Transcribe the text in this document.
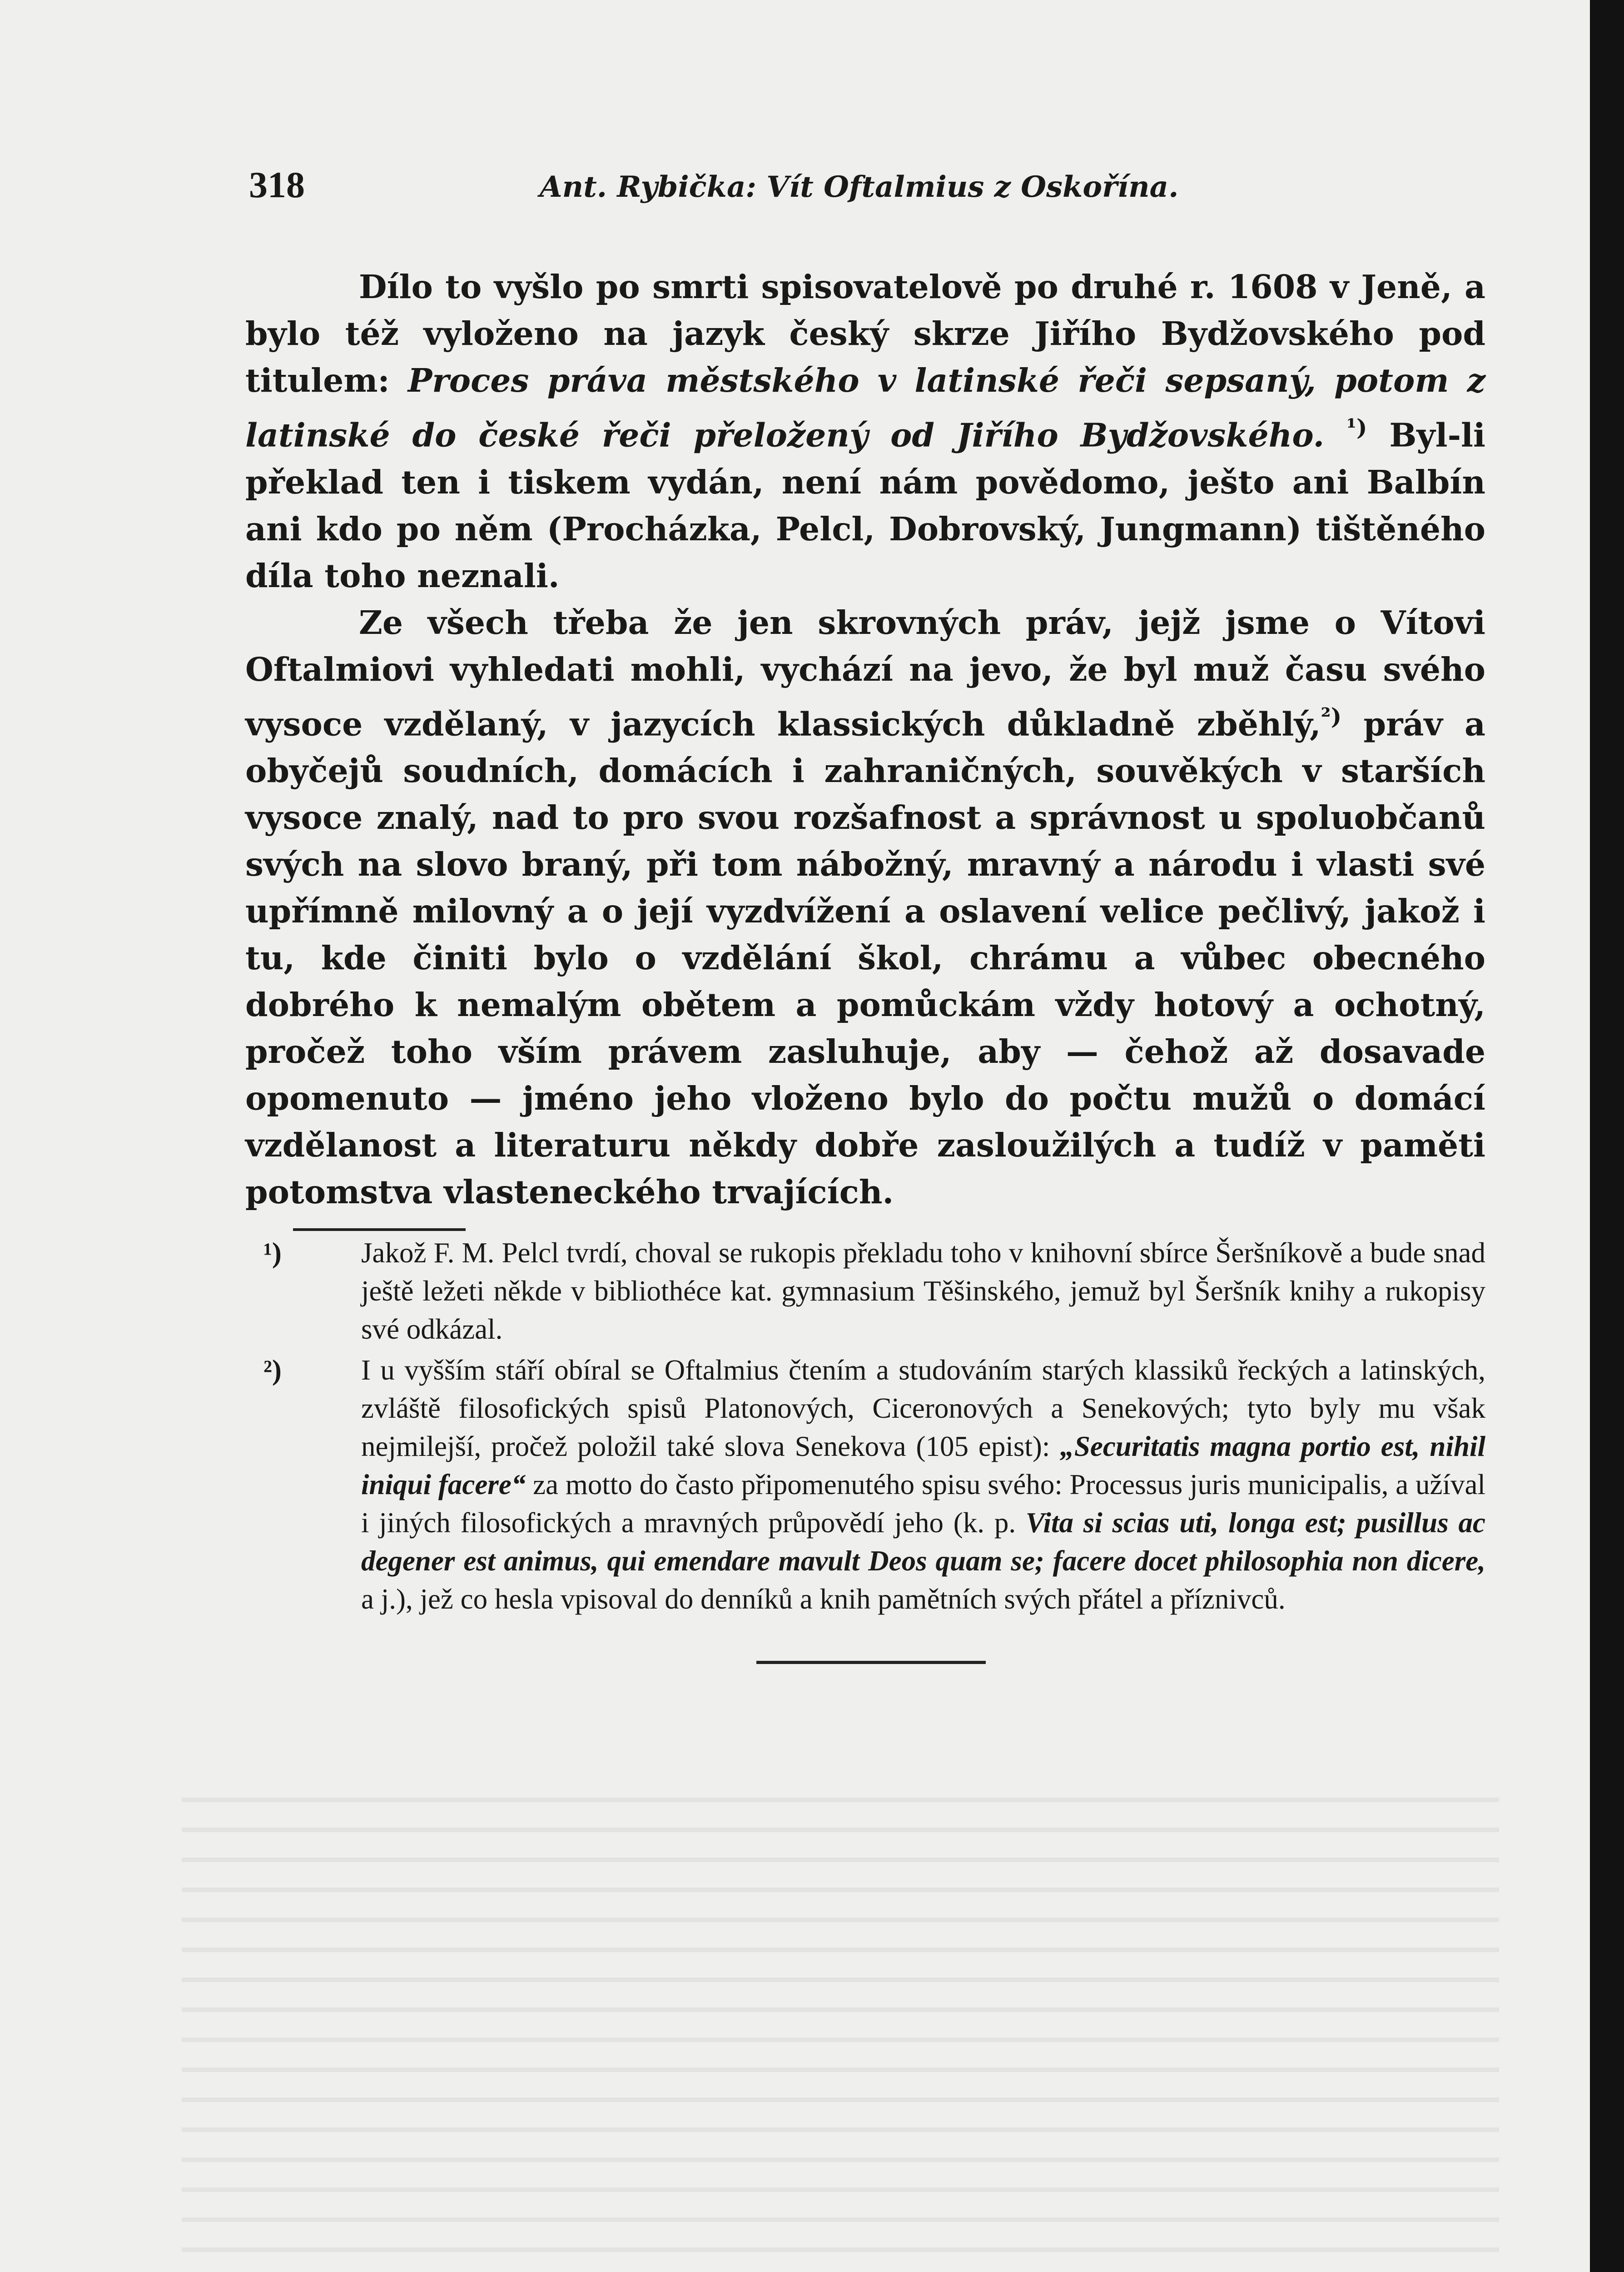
318	Ant. Rybička: Vít Oftalmius z Oskořína.

Dílo to vyšlo po smrti spisovatelově po druhé r. 1608 v Jeně, a bylo též vyloženo na jazyk český skrze Jiřího Bydžovského pod titulem: Proces práva městského v latinské řeči sepsaný, potom z latinské do české řeči přeložený od Jiřího Bydžovského. $^{^1)}$ Byl-li překlad ten i tiskem vydán, není nám povědomo, ješto ani Balbín ani kdo po něm (Procházka, Pelcl, Dobrovský, Jungmann) tištěného díla toho neznali.

Ze všech třeba že jen skrovných práv, jejž jsme o Vítovi Oftalmiovi vyhledati mohli, vychází na jevo, že byl muž času svého vysoce vzdělaný, v jazycích klassických důkladně zběhlý,$^{^2)}$ práv a obyčejů soudních, domácích i zahraničných, souvěkých v starších vysoce znalý, nad to pro svou rozšafnost a správnost u spoluobčanů svých na slovo braný, při tom nábožný, mravný a národu i vlasti své upřímně milovný a o její vyzdvížení a oslavení velice pečlivý, jakož i tu, kde činiti bylo o vzdělání škol, chrámu a vůbec obecného dobrého k nemalým obětem a pomůckám vždy hotový a ochotný, pročež toho vším právem zasluhuje, aby — čehož až dosavade opomenuto — jméno jeho vloženo bylo do počtu mužů o domácí vzdělanost a literaturu někdy dobře zasloužilých a tudíž v paměti potomstva vlasteneckého trvajících.

¹)	Jakož F. M. Pelcl tvrdí, choval se rukopis překladu toho v knihovní sbírce Šeršníkově a bude snad ještě ležeti někde v bibliothéce kat. gymnasium Těšinského, jemuž byl Šeršník knihy a rukopisy své odkázal.
²)	I u vyšším stáří obíral se Oftalmius čtením a studováním starých klassiků řeckých a latinských, zvláště filosofických spisů Platonových, Ciceronových a Senekových; tyto byly mu však nejmilejší, pročež položil také slova Senekova (105 epist): „Securitatis magna portio est, nihil iniqui facere“ za motto do často připomenutého spisu svého: Processus juris municipalis, a užíval i jiných filosofických a mravných průpovědí jeho (k. p. Vita si scias uti, longa est; pusillus ac degener est animus, qui emendare mavult Deos quam se; facere docet philosophia non dicere, a j.), jež co hesla vpisoval do denníků a knih pamětních svých přátel a příznivců.
